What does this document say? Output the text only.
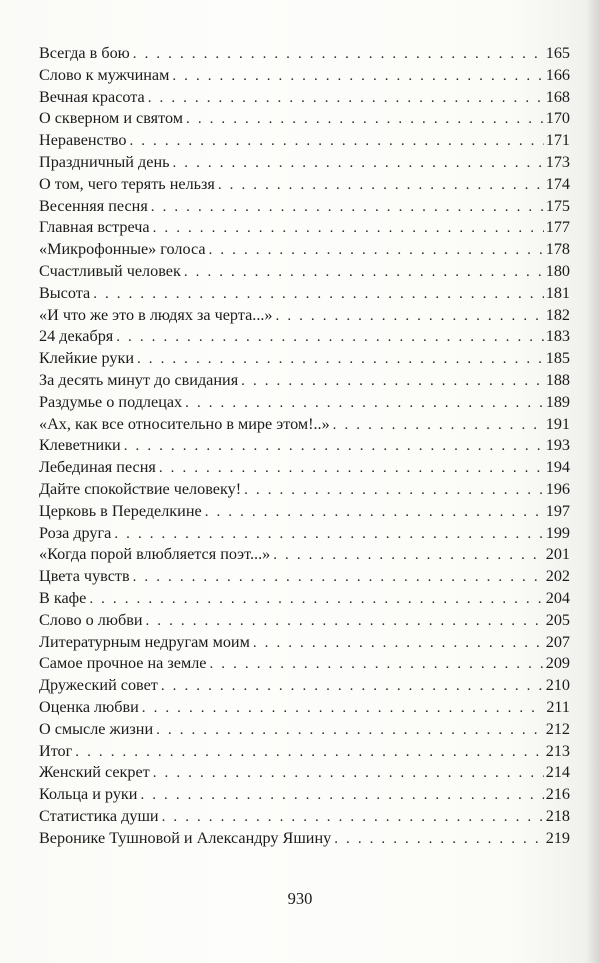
Всегда в бою . . .	165
Слово к мужчинам . . .	166
Вечная красота . . .	168
О скверном и святом . . .	170
Неравенство . . .	171
Праздничный день . . .	173
О том, чего терять нельзя . . .	174
Весенняя песня . . .	175
Главная встреча . . .	177
«Микрофонные» голоса . . .	178
Счастливый человек . . .	180
Высота . . .	181
«И что же это в людях за черта...» . . .	182
24 декабря . . .	183
Клейкие руки . . .	185
За десять минут до свидания . . .	188
Раздумье о подлецах . . .	189
«Ах, как все относительно в мире этом!..» . . .	191
Клеветники . . .	193
Лебединая песня . . .	194
Дайте спокойствие человеку! . . .	196
Церковь в Переделкине . . .	197
Роза друга . . .	199
«Когда порой влюбляется поэт...» . . .	201
Цвета чувств . . .	202
В кафе . . .	204
Слово о любви . . .	205
Литературным недругам моим . . .	207
Самое прочное на земле . . .	209
Дружеский совет . . .	210
Оценка любви . . .	211
О смысле жизни . . .	212
Итог . . .	213
Женский секрет . . .	214
Кольца и руки . . .	216
Статистика души . . .	218
Веронике Тушновой и Александру Яшину . . .	219
930
